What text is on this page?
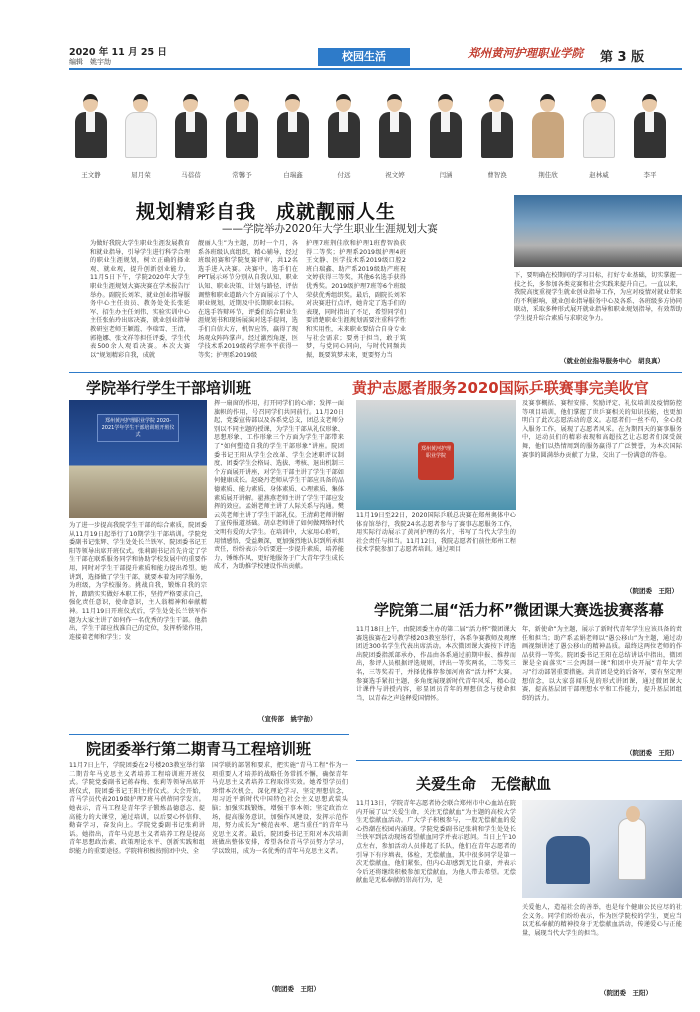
2020 年 11 月 25 日
编辑　姚宇劼	校园生活	郑州黄河护理职业学院 第 3 版
王文静	屈月荣	马蓓蓓	常馨予	白瑞鑫	付远	祝文婷	闫涵	曹智涣	荆佳欣	赵林威	李平
规划精彩自我　成就靓丽人生
——学院举办2020年大学生职业生涯规划大赛
为做好我院大学生职业生涯发展教育和就业指导，引导学生进行科学合理的职业生涯规划，树立正确的择业观、就业观，提升创新创业能力，11月5日下午，学院2020年大学生职业生涯规划大赛决赛在学术报告厅举办。副院长刘苯、就业创业指导服务中心主任贵员、教务处处长张延军、招生办主任刘伟、实验实训中心主任张佑玲出席决赛，就业创业指导教研室老师王颖霞、李瑞雪、王清，郭艳娜、张文祥等担任评委，学生代表500余人观看决赛。本次大赛以“规划精彩自我，成就
靓丽人生”为主题，历时一个月，各系各班级认真组织，精心辅导，经过班级初赛和学院复赛评审，共12名选手进入决赛。决赛中，选手们在PPT展示环节分别从自我认知、职业认知、职业决策、计划与路径、评估调整和职业道路六个方面展示了个人职业规划，近期及中长期职业目标。在选手答辩环节，评委们结合职业生涯规划书和现场展演对选手提问，选手们自信大方，机智应答，赢得了现场观众阵阵掌声。经过激烈角逐，医学技术系2019级药学班李平获得一等奖；护理系2019级
护理7班荆佳欣和护理1班曹智涣获得二等奖；护理系2019级护理4班王文静、医学技术系2019级口腔2班白瑞鑫、助产系2019级助产班祝文婷获得三等奖，其他6名选手获得优秀奖。2019级护理7班等6个班级荣获优秀组织奖。最后，副院长刘苯对决赛进行点评，她肯定了选手们的表现，同时指出了不足，希望同学们要清楚职业生涯规划需要注重科学性和实用性，未来职业要结合自身专业与社会需求；要勇于担当，敢于筑梦，与党同心同向，与时代同频共振，既要筑梦未来，更要努力当
下，要明确在校期间的学习目标，打好专业基础，切实掌握一技之长，多参加各类竞赛和社会实践来提升自己。一直以来，我院高度重视学生就业创业指导工作，为应对疫情对就业带来的不利影响，就业创业指导服务中心及各系、各班级多方协同联动，采取多种形式展开就业指导和职业规划指导，有效帮助学生提升综合素质与求职竞争力。
（就业创业指导服务中心　胡良真）
学院举行学生干部培训班
郑州黄河护理职业学院 2020-2021学年学生干部培训班开班仪式
为了进一步提高我院学生干部的综合素质，院团委从11月19日起举行了10期学生干部培训。学院党委副书记张辉、学生处处长兰铁军、院团委书记王阳等领导出席开班仪式。张莉副书记首先肯定了学生干部在联系服务同学和协助学校发展中的重要作用，同时对学生干部提升素质和能力提出希望。她讲到，选择做了学生干部，就要本着为同学服务，为班级，为学校服务。挑战自我，锻炼自我的宗旨，踏踏实实做好本职工作，坚持严格要求自己，强化责任意识，使命意识，主人翁精神和奉献精神。11月19日开班仪式后，学生处处长兰铁军作题为大家主讲了如何作一名优秀的学生干部。他指出，学生干部应找准自己的定位，发挥桥梁作用，连接着老师和学生；发
挥一扇窗的作用，打开同学们的心扉；发挥一面旗帜的作用，号召同学们共同前行。11月20日起，党委宣传部以及各系党总支，团总支老师分别以不同主题的授课，为学生干部从礼仪形象、思想形象、工作形象三个方面为学生干部带来了“如何塑造自我的学生干部形象”讲座。院团委书记王阳从学生会改革、学生会述职评议制度、团委学生会格局、选拔、考核、退出机制三个方面展开讲座，对学生干部主讲了学生干部如何健康成长。赵晓丹老师从学生干部应具备的品德素质、能力素质、身体素质、心理素质、集体素质展开讲解。翟燕燕老师主讲了学生干部应发挥的效应。孟娟老师主讲了人际关系与沟通。樊云英老师主讲了学生干部礼仪。王清莉老师讲解了宣传报道基础。胡卓老师讲了如何做网络时代文明有爱的大学生。在培训中，大家用心聆听，用情感悟，受益颇深，更加强烈地认识到所承担责任，纷纷表示今后要进一步提升素质，培养能力，锤炼作风，更好地服务于广大青年学生成长成才，为助推学校建设作出贡献。
（宣传部　姚宇劼）
黄护志愿者服务2020国际乒联赛事完美收官
郑州黄河护理职业学院
11月19日至22日，2020国际乒联总决赛在郑州奥体中心体育馆举行，我院24名志愿者参与了赛事志愿服务工作，用实际行动展示了黄河护理的名片，书写了当代大学生的社会责任与担当。11月12日，我院志愿者们前往郑州工程技术学院参加了志愿者培训。通过项目
及赛事概括、赛程安排、奖励评定、礼仪培训及疫情防控等项目培训，他们掌握了世乒赛相关的知识技能，也更加明白了此次志愿活动的意义。志愿者们一丝不苟，全心投入服务工作，展现了志愿者风采。在为期四天的赛事服务中，运动员们的精彩表现和高超技艺让志愿者们深受鼓舞，他们以热情周到的服务赢得了广泛赞誉，为本次国际赛事的圆满举办贡献了力量，交出了一份满意的答卷。
（院团委　王阳）
学院第二届“活力杯”微团课大赛选拔赛落幕
11月18日上午，由院团委主办的第二届“活力杯”微团课大赛选拔赛在2号教学楼203教室举行，各系争赛教师及观摩团近300名学生代表出席活动。本次微团课大赛按下评选出院团委指派部承办，作品由各系通过前期申报、推荐而出，参评人员根据评选规则，评出一等奖两名，二等奖三名，三等奖若干，并择优推荐参加河南省“活力杯”大赛。参赛选手紧扣主题，多角度展现新时代青年风采，精心设计课件与讲授内容，彰显团员青年的理想信念与使命担当，以青春之声诠释爱国情怀。
年，新使命”为主题，展示了新时代青年学生应该具备的责任和担当；助产系孟娟老师以“愚公移山”为主题，通过动画视频讲述了愚公移山的精神品质。最终这两位老师的作品获得一等奖。院团委书记王阳在总结讲话中指出，微团课是全面落实“三会两制一课”和团中央开展“青年大学习”行动部署重要措施。共青团是党的后备军，要有坚定理想信念，以大家喜闻乐见的形式讲团课，通过微团课大赛，提高基层团干部理想水平和工作能力，提升基层团组织的活力。
（院团委　王阳）
院团委举行第二期青马工程培训班
11月7日上午，学院团委在2号楼203教室举行第二期青年马克思主义者培养工程培训班开班仪式。学院党委副书记蒋春梅、张莉等领导出席开班仪式，院团委书记王阳主持仪式。大会开始，青马学员代表2019级护理7班马蓓蓓同学发言。她表示，青马工程是青年学子锻炼品德意志、提高能力的大课堂，通过培训，以后要心怀信仰、勤奋学习，奋发向上。学院党委副书记张莉讲话。她指出，青年马克思主义者培养工程是提高青年思想政治素、政策理论水平、创新实践和组织能力的重要途径。学院将积极按照团中央、全
国学联的部署和要求，把实施“青马工程”作为一项重要人才培养的战略任务常抓不懈，确保青年马克思主义者培养工程取得实效。她希望学员们珍惜本次机会，深化理论学习、坚定理想信念，用习近平新时代中国特色社会主义思想武装头脑；加强实践锻炼，增强干事本领；坚定政治立场，提高服务意识，加强作风建设，发挥示范作用，努力成长为“模范表率、堪当重任”的青年马克思主义者。最后，院团委书记王阳对本次培训班做出整体安排，希望各位青马学员努力学习，学以致用，成为一名优秀的青年马克思主义者。
（院团委　王阳）
关爱生命　无偿献血
11月13日，学院青年志愿者协会联合郑州市中心血站在院内开展了以“关爱生命，关注无偿献血”为主题的高校大学生无偿献血活动。广大学子积极参与，一股无偿献血的爱心热潮在校园内涌现。学院党委副书记张莉和学生处处长兰铁军到活动现场看望献血同学并表示慰问。当日上午10点左右，参加活动人员排起了长队，他们在青年志愿者的引导下有序填表，体检，无偿献血，其中很多同学是第一次无偿献血，他们紧张，但内心却感到无比自豪，并表示今后还将继续积极参加无偿献血，为他人带去希望。无偿献血是无私奉献的崇高行为，是
关爱他人，造福社会的善举，也是每个健康公民应尽的社会义务。同学们纷纷表示，作为医学院校的学生，更应当以无私奉献的精神投身于无偿献血活动，传递爱心与正能量，展现当代大学生的担当。
（院团委　王阳）
